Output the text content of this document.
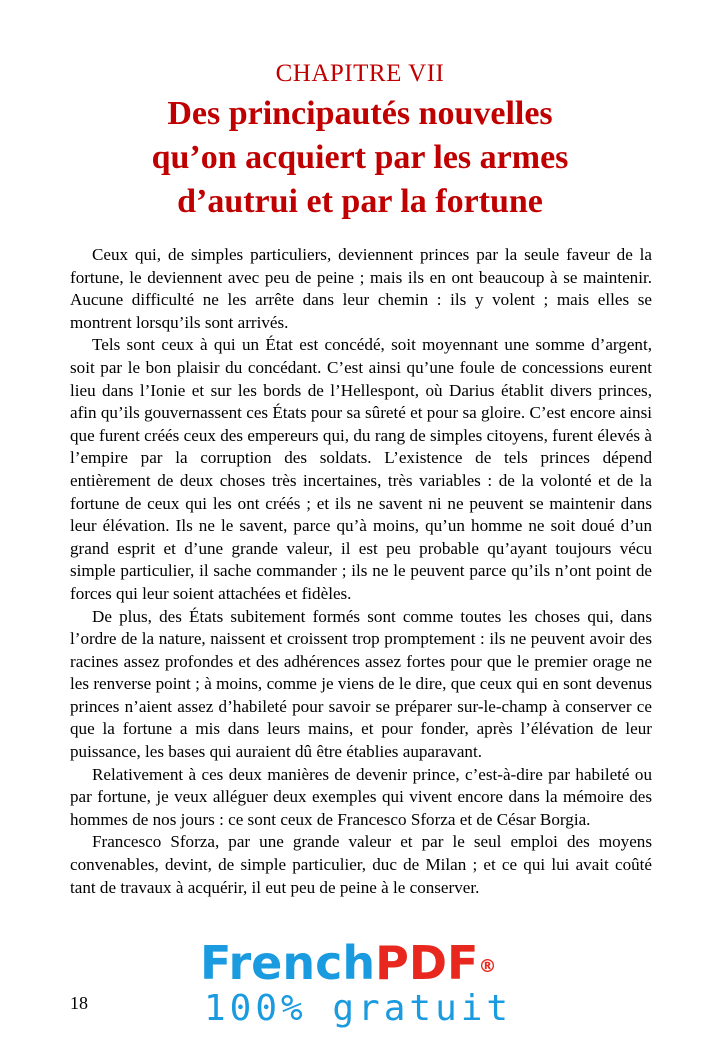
CHAPITRE VII
Des principautés nouvelles
qu’on acquiert par les armes
d’autrui et par la fortune

Ceux qui, de simples particuliers, deviennent princes par la seule faveur de la fortune, le deviennent avec peu de peine ; mais ils en ont beaucoup à se maintenir. Aucune difficulté ne les arrête dans leur chemin : ils y volent ; mais elles se montrent lorsqu’ils sont arrivés.

Tels sont ceux à qui un État est concédé, soit moyennant une somme d’argent, soit par le bon plaisir du concédant. C’est ainsi qu’une foule de concessions eurent lieu dans l’Ionie et sur les bords de l’Hellespont, où Darius établit divers princes, afin qu’ils gouvernassent ces États pour sa sûreté et pour sa gloire. C’est encore ainsi que furent créés ceux des empereurs qui, du rang de simples citoyens, furent élevés à l’empire par la corruption des soldats. L’existence de tels princes dépend entièrement de deux choses très incertaines, très variables : de la volonté et de la fortune de ceux qui les ont créés ; et ils ne savent ni ne peuvent se maintenir dans leur élévation. Ils ne le savent, parce qu’à moins, qu’un homme ne soit doué d’un grand esprit et d’une grande valeur, il est peu probable qu’ayant toujours vécu simple particulier, il sache commander ; ils ne le peuvent parce qu’ils n’ont point de forces qui leur soient attachées et fidèles.

De plus, des États subitement formés sont comme toutes les choses qui, dans l’ordre de la nature, naissent et croissent trop promptement : ils ne peuvent avoir des racines assez profondes et des adhérences assez fortes pour que le premier orage ne les renverse point ; à moins, comme je viens de le dire, que ceux qui en sont devenus princes n’aient assez d’habileté pour savoir se préparer sur-le-champ à conserver ce que la fortune a mis dans leurs mains, et pour fonder, après l’élévation de leur puissance, les bases qui auraient dû être établies auparavant.

Relativement à ces deux manières de devenir prince, c’est-à-dire par habileté ou par fortune, je veux alléguer deux exemples qui vivent encore dans la mémoire des hommes de nos jours : ce sont ceux de Francesco Sforza et de César Borgia.

Francesco Sforza, par une grande valeur et par le seul emploi des moyens convenables, devint, de simple particulier, duc de Milan ; et ce qui lui avait coûté tant de travaux à acquérir, il eut peu de peine à le conserver.

18
FrenchPDF®
100% gratuit
